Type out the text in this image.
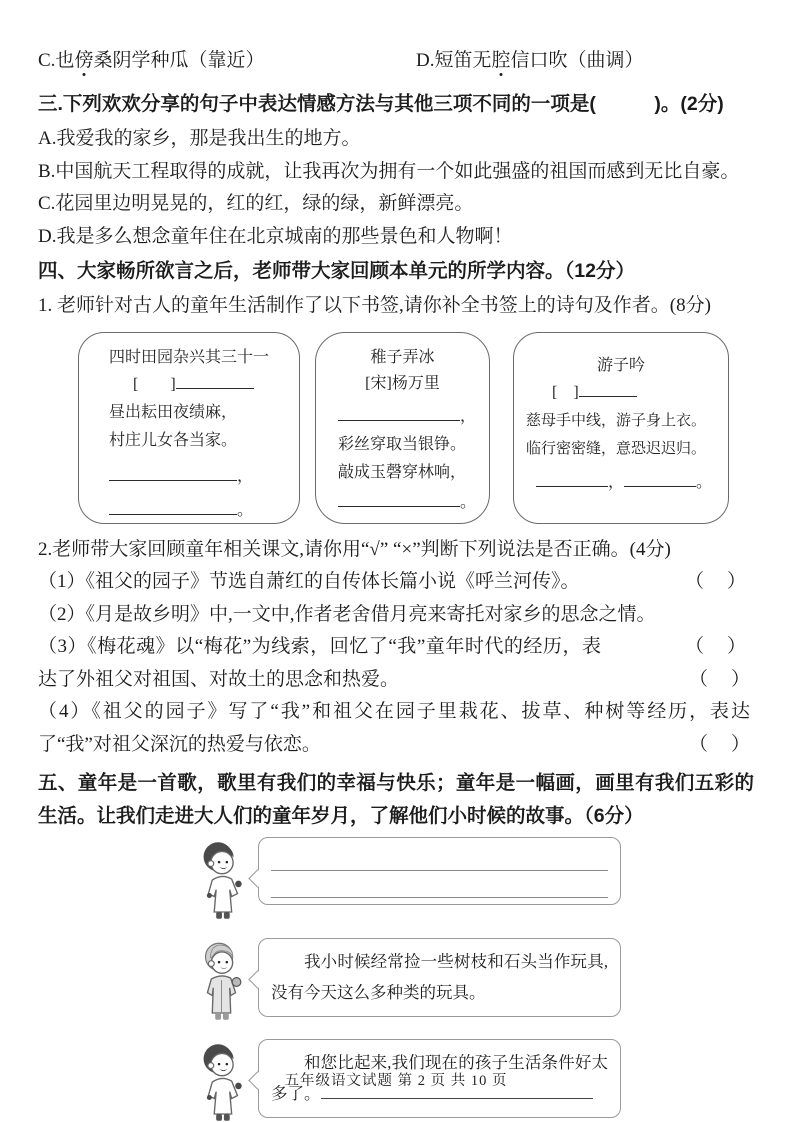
C.也傍桑阴学种瓜（靠近）	D.短笛无腔信口吹（曲调）
三.下列欢欢分享的句子中表达情感方法与其他三项不同的一项是(　　　)。(2分)
A.我爱我的家乡，那是我出生的地方。
B.中国航天工程取得的成就，让我再次为拥有一个如此强盛的祖国而感到无比自豪。
C.花园里边明晃晃的，红的红，绿的绿，新鲜漂亮。
D.我是多么想念童年住在北京城南的那些景色和人物啊！
四、大家畅所欲言之后，老师带大家回顾本单元的所学内容。（12分）
1. 老师针对古人的童年生活制作了以下书签,请你补全书签上的诗句及作者。(8分)
四时田园杂兴其三十一
[　　]
昼出耘田夜绩麻，
村庄儿女各当家。
，
。
稚子弄冰
[宋]杨万里
，
彩丝穿取当银铮。
敲成玉磬穿林响，
。
游子吟
[　]
慈母手中线，游子身上衣。
临行密密缝，意恐迟迟归。
，	。
2.老师带大家回顾童年相关课文,请你用“√” “×”判断下列说法是否正确。(4分)
（1）《祖父的园子》节选自萧红的自传体长篇小说《呼兰河传》。	（　）
（2）《月是故乡明》中,一文中,作者老舍借月亮来寄托对家乡的思念之情。
（　）
（3）《梅花魂》以“梅花”为线索，回忆了“我”童年时代的经历，表达了外祖父对祖国、对故土的思念和热爱。	（　）
（4）《祖父的园子》写了“我”和祖父在园子里栽花、拔草、种树等经历，表达了“我”对祖父深沉的热爱与依恋。	（　）
五、童年是一首歌，歌里有我们的幸福与快乐；童年是一幅画，画里有我们五彩的生活。让我们走进大人们的童年岁月，了解他们小时候的故事。（6分）

我小时候经常捡一些树枝和石头当作玩具,没有今天这么多种类的玩具。

和您比起来,我们现在的孩子生活条件好太多了。

五年级语文试题 第 2 页 共 10 页
